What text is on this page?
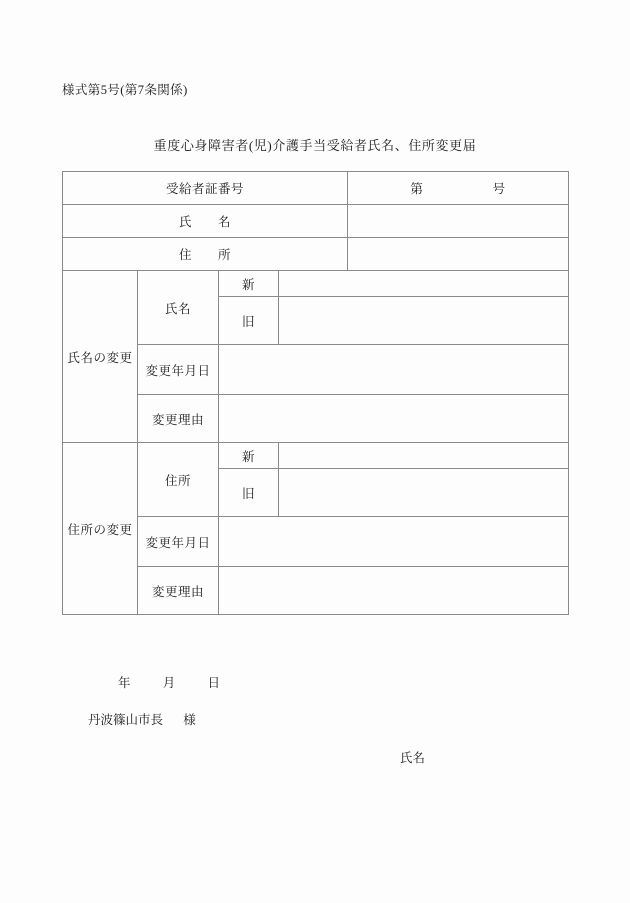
様式第5号(第7条関係)
重度心身障害者(児)介護手当受給者氏名、住所変更届
受給者証番号				第 号
氏　　名				
住　　所				
氏名の変更	氏名	新		
		旧		
	変更年月日			
	変更理由			
住所の変更	住所	新		
		旧		
	変更年月日			
	変更理由			
年	月	日
丹波篠山市長 様
氏名
